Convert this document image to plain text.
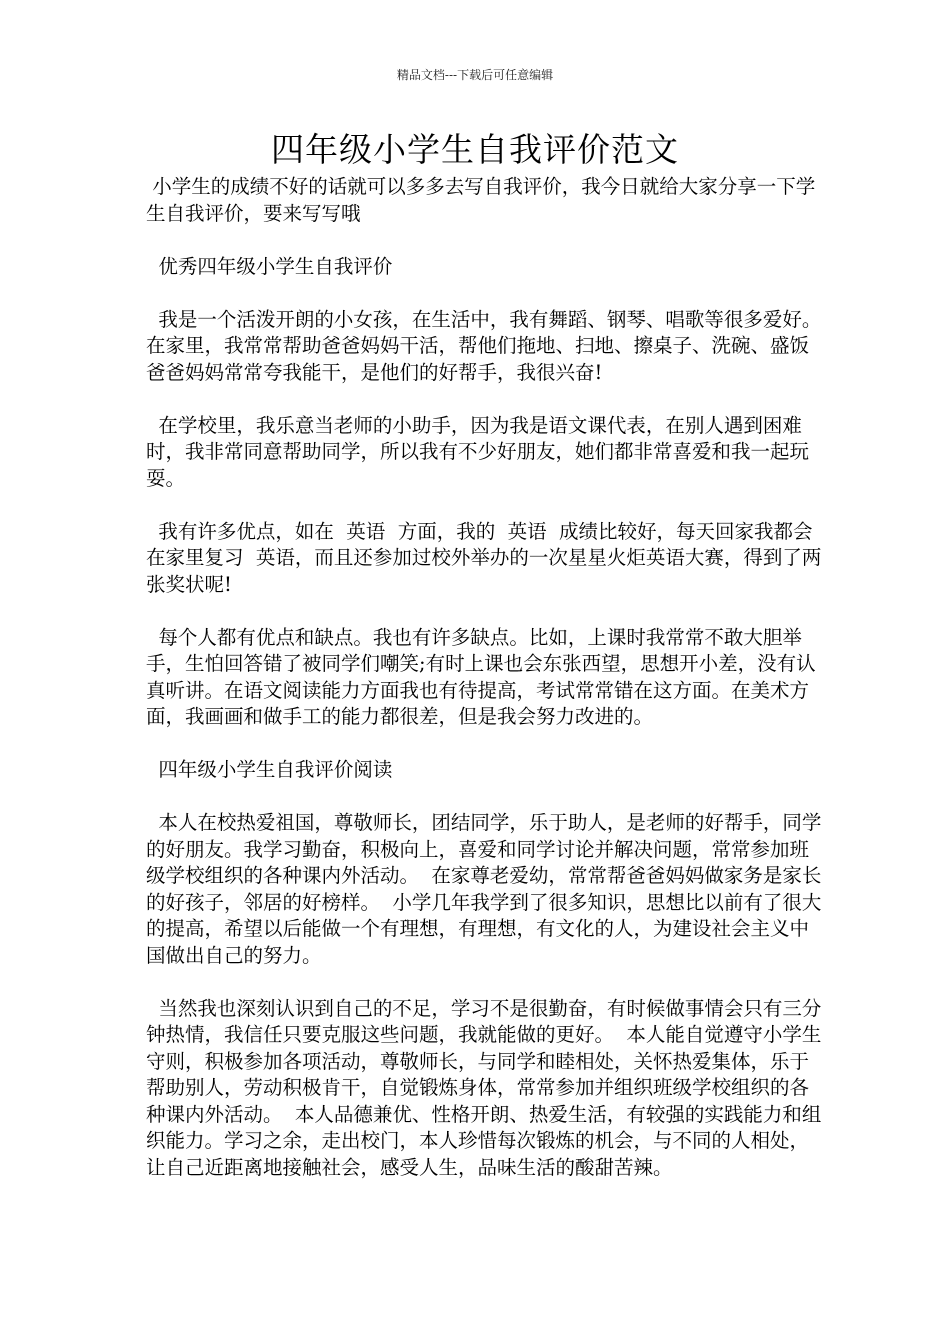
精品文档---下载后可任意编辑
四年级小学生自我评价范文

小学生的成绩不好的话就可以多多去写自我评价，我今日就给大家分享一下学生自我评价，要来写写哦

优秀四年级小学生自我评价

我是一个活泼开朗的小女孩，在生活中，我有舞蹈、钢琴、唱歌等很多爱好。在家里，我常常帮助爸爸妈妈干活，帮他们拖地、扫地、擦桌子、洗碗、盛饭  爸爸妈妈常常夸我能干，是他们的好帮手，我很兴奋!

在学校里，我乐意当老师的小助手，因为我是语文课代表，在别人遇到困难时，我非常同意帮助同学，所以我有不少好朋友，她们都非常喜爱和我一起玩耍。

我有许多优点，如在  英语  方面，我的  英语  成绩比较好，每天回家我都会在家里复习  英语，而且还参加过校外举办的一次星星火炬英语大赛，得到了两张奖状呢!

每个人都有优点和缺点。我也有许多缺点。比如，上课时我常常不敢大胆举手，生怕回答错了被同学们嘲笑;有时上课也会东张西望，思想开小差，没有认真听讲。在语文阅读能力方面我也有待提高，考试常常错在这方面。在美术方面，我画画和做手工的能力都很差，但是我会努力改进的。

四年级小学生自我评价阅读

本人在校热爱祖国，尊敬师长，团结同学，乐于助人，是老师的好帮手，同学的好朋友。我学习勤奋，积极向上，喜爱和同学讨论并解决问题，常常参加班级学校组织的各种课内外活动。  在家尊老爱幼，常常帮爸爸妈妈做家务是家长的好孩子，邻居的好榜样。  小学几年我学到了很多知识，思想比以前有了很大的提高，希望以后能做一个有理想，有理想，有文化的人，为建设社会主义中国做出自己的努力。

当然我也深刻认识到自己的不足，学习不是很勤奋，有时候做事情会只有三分钟热情，我信任只要克服这些问题，我就能做的更好。  本人能自觉遵守小学生守则，积极参加各项活动，尊敬师长，与同学和睦相处，关怀热爱集体，乐于帮助别人，劳动积极肯干，自觉锻炼身体，常常参加并组织班级学校组织的各种课内外活动。  本人品德兼优、性格开朗、热爱生活，有较强的实践能力和组织能力。学习之余，走出校门，本人珍惜每次锻炼的机会，与不同的人相处，让自己近距离地接触社会，感受人生，品味生活的酸甜苦辣。
